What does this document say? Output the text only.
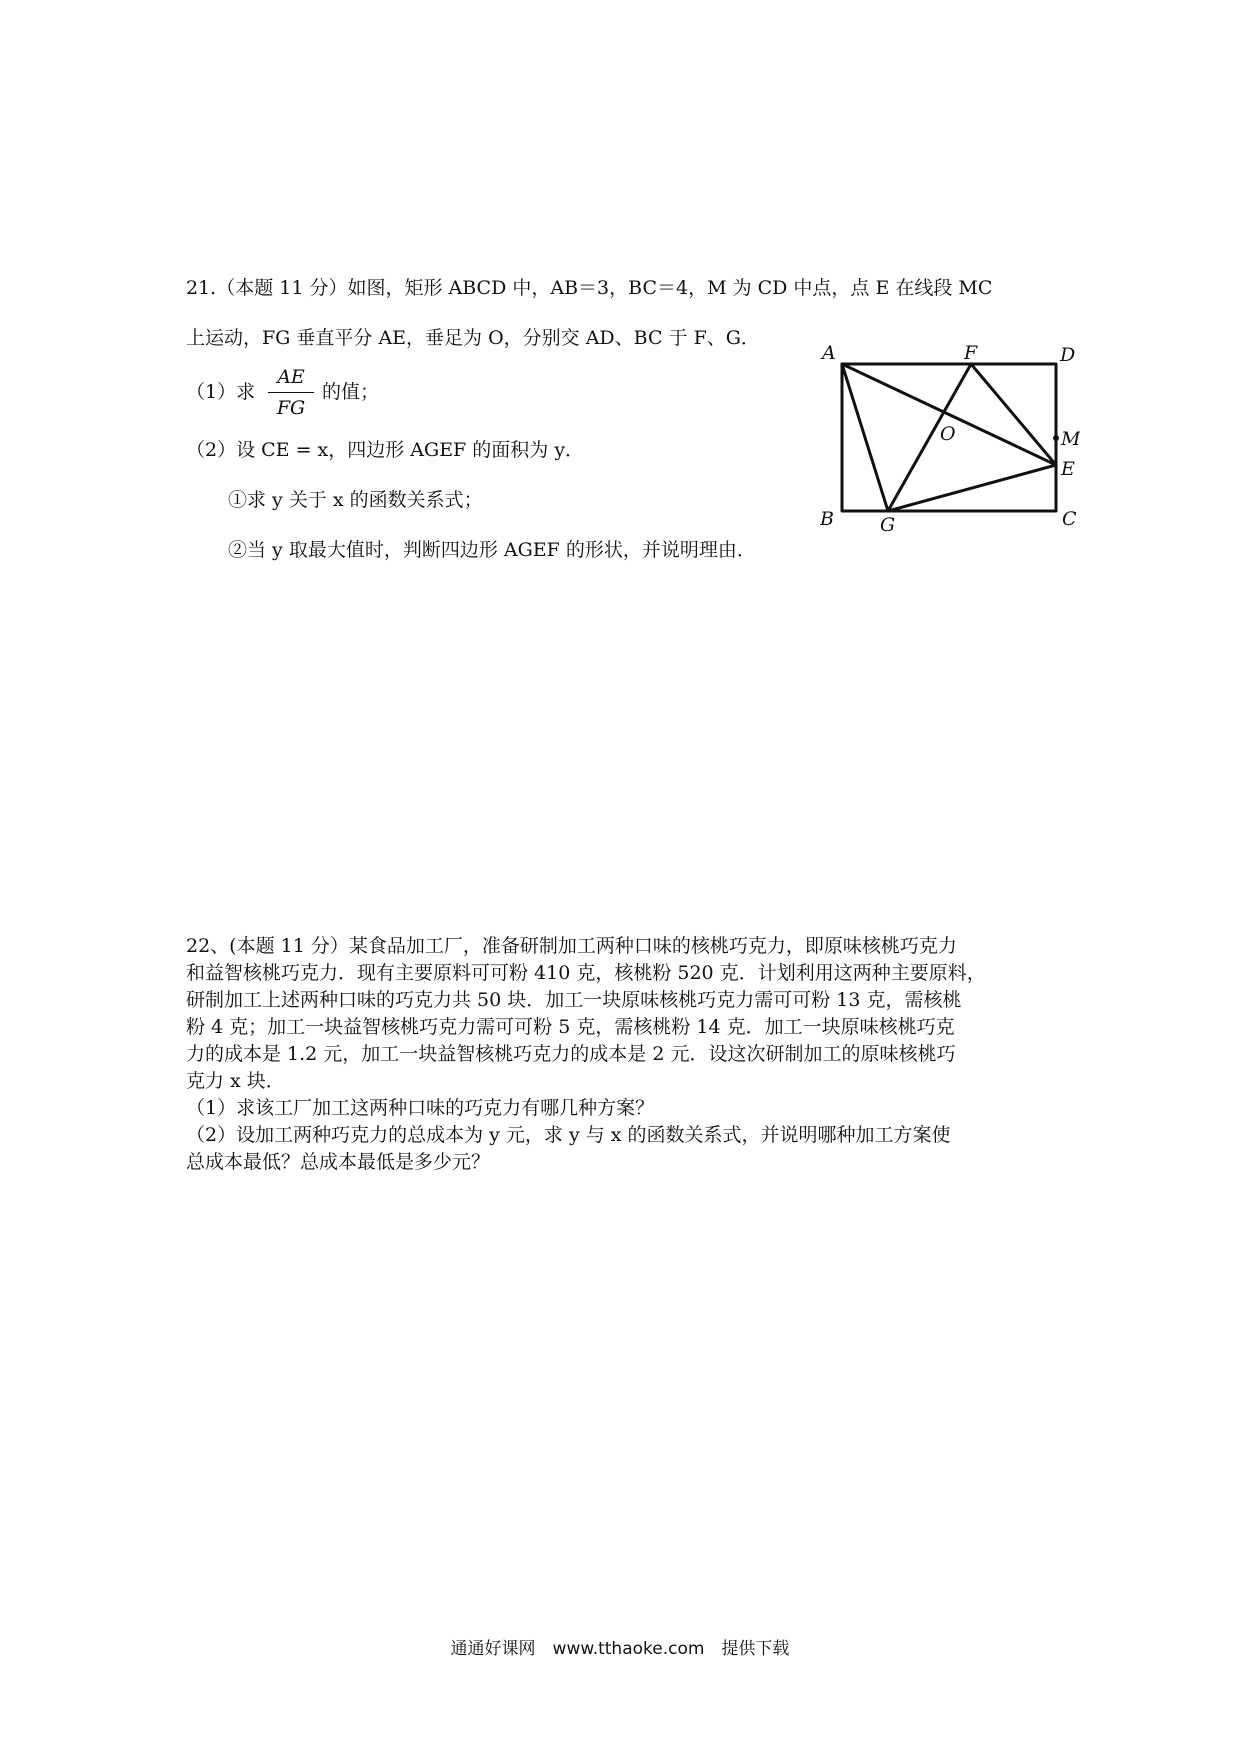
21.（本题 11 分）如图，矩形 ABCD 中，AB＝3，BC＝4，M 为 CD 中点，点 E 在线段 MC
上运动，FG 垂直平分 AE，垂足为 O，分别交 AD、BC 于 F、G．
（1）求
AE
FG
的值；
（2）设 CE = x，四边形 AGEF 的面积为 y．
①求 y 关于 x 的函数关系式；
②当 y 取最大值时，判断四边形 AGEF 的形状，并说明理由．
A	F	D
M
O
E
B G	C
22、(本题 11 分）某食品加工厂，准备研制加工两种口味的核桃巧克力，即原味核桃巧克力
和益智核桃巧克力．现有主要原料可可粉 410 克，核桃粉 520 克．计划利用这两种主要原料，
研制加工上述两种口味的巧克力共 50 块．加工一块原味核桃巧克力需可可粉 13 克，需核桃
粉 4 克；加工一块益智核桃巧克力需可可粉 5 克，需核桃粉 14 克．加工一块原味核桃巧克
力的成本是 1.2 元，加工一块益智核桃巧克力的成本是 2 元．设这次研制加工的原味核桃巧
克力 x 块．
（1）求该工厂加工这两种口味的巧克力有哪几种方案？
（2）设加工两种巧克力的总成本为 y 元，求 y 与 x 的函数关系式，并说明哪种加工方案使
总成本最低？总成本最低是多少元？
通通好课网　www.tthaoke.com　提供下载
